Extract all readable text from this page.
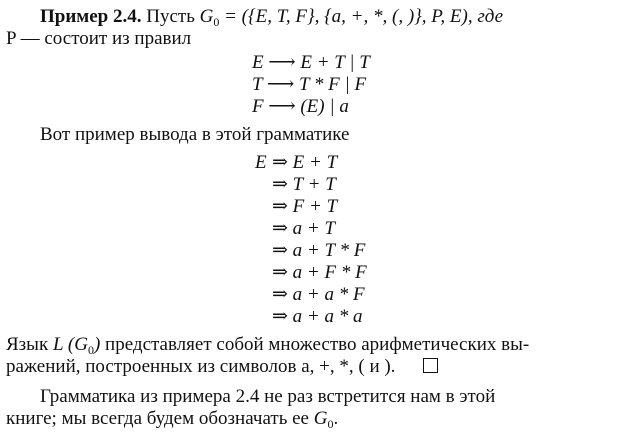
Пример 2.4. Пусть $G_0 = (\{E$, T, F}, {a, +, *, (, )}, P, E), где
P — состоит из правил
E ⟶ E + T | T
T ⟶ T * F | F
F ⟶ (E) | a
Вот пример вывода в этой грамматике
E ⇒ E + T
⇒ T + T
⇒ F + T
⇒ a + T
⇒ a + T * F
⇒ a + F * F
⇒ a + a * F
⇒ a + a * a
Язык L $(G_0)$ представляет собой множество арифметических вы-
ражений, построенных из символов a, +, *, ( и ).
Грамматика из примера 2.4 не раз встретится нам в этой
книге; мы всегда будем обозначать ее $G_0$.
